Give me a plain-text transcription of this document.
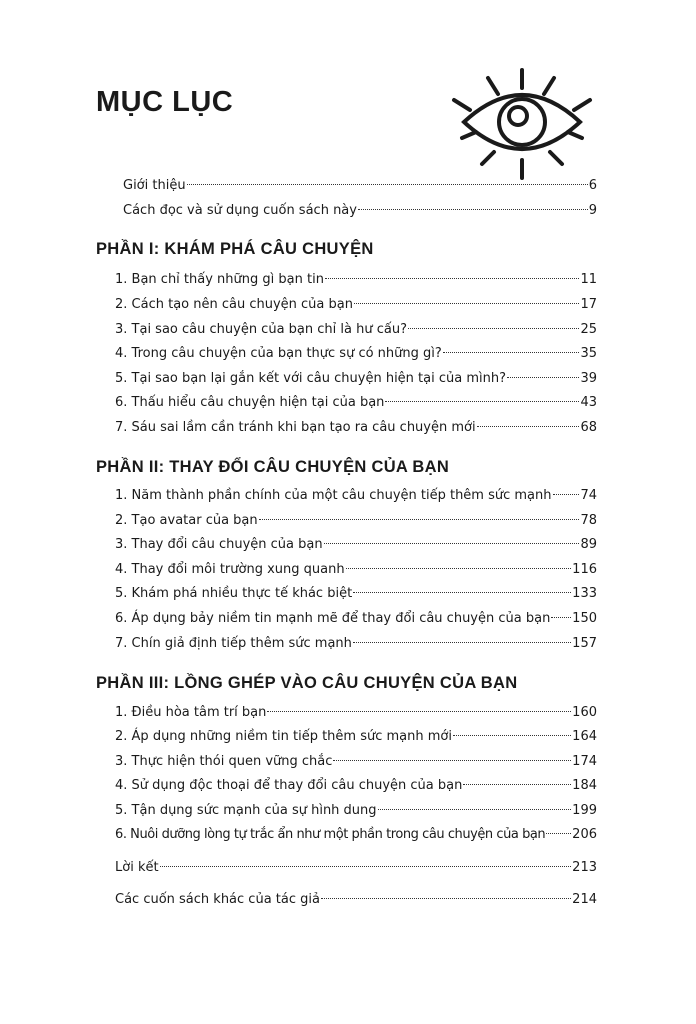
MỤC LỤC
Giới thiệu	6
Cách đọc và sử dụng cuốn sách này	9
PHẦN I: KHÁM PHÁ CÂU CHUYỆN
1. Bạn chỉ thấy những gì bạn tin	11
2. Cách tạo nên câu chuyện của bạn	17
3. Tại sao câu chuyện của bạn chỉ là hư cấu?	25
4. Trong câu chuyện của bạn thực sự có những gì?	35
5. Tại sao bạn lại gắn kết với câu chuyện hiện tại của mình?	39
6. Thấu hiểu câu chuyện hiện tại của bạn	43
7. Sáu sai lầm cần tránh khi bạn tạo ra câu chuyện mới	68
PHẦN II: THAY ĐỔI CÂU CHUYỆN CỦA BẠN
1. Năm thành phần chính của một câu chuyện tiếp thêm sức mạnh 74
2. Tạo avatar của bạn	78
3. Thay đổi câu chuyện của bạn	89
4. Thay đổi môi trường xung quanh	116
5. Khám phá nhiều thực tế khác biệt	133
6. Áp dụng bảy niềm tin mạnh mẽ để thay đổi câu chuyện của bạn 150
7. Chín giả định tiếp thêm sức mạnh	157
PHẦN III: LỒNG GHÉP VÀO CÂU CHUYỆN CỦA BẠN
1. Điều hòa tâm trí bạn	160
2. Áp dụng những niềm tin tiếp thêm sức mạnh mới	164
3. Thực hiện thói quen vững chắc	174
4. Sử dụng độc thoại để thay đổi câu chuyện của bạn	184
5. Tận dụng sức mạnh của sự hình dung	199
6. Nuôi dưỡng lòng tự trắc ẩn như một phần trong câu chuyện của bạn 206
Lời kết	213
Các cuốn sách khác của tác giả	214
